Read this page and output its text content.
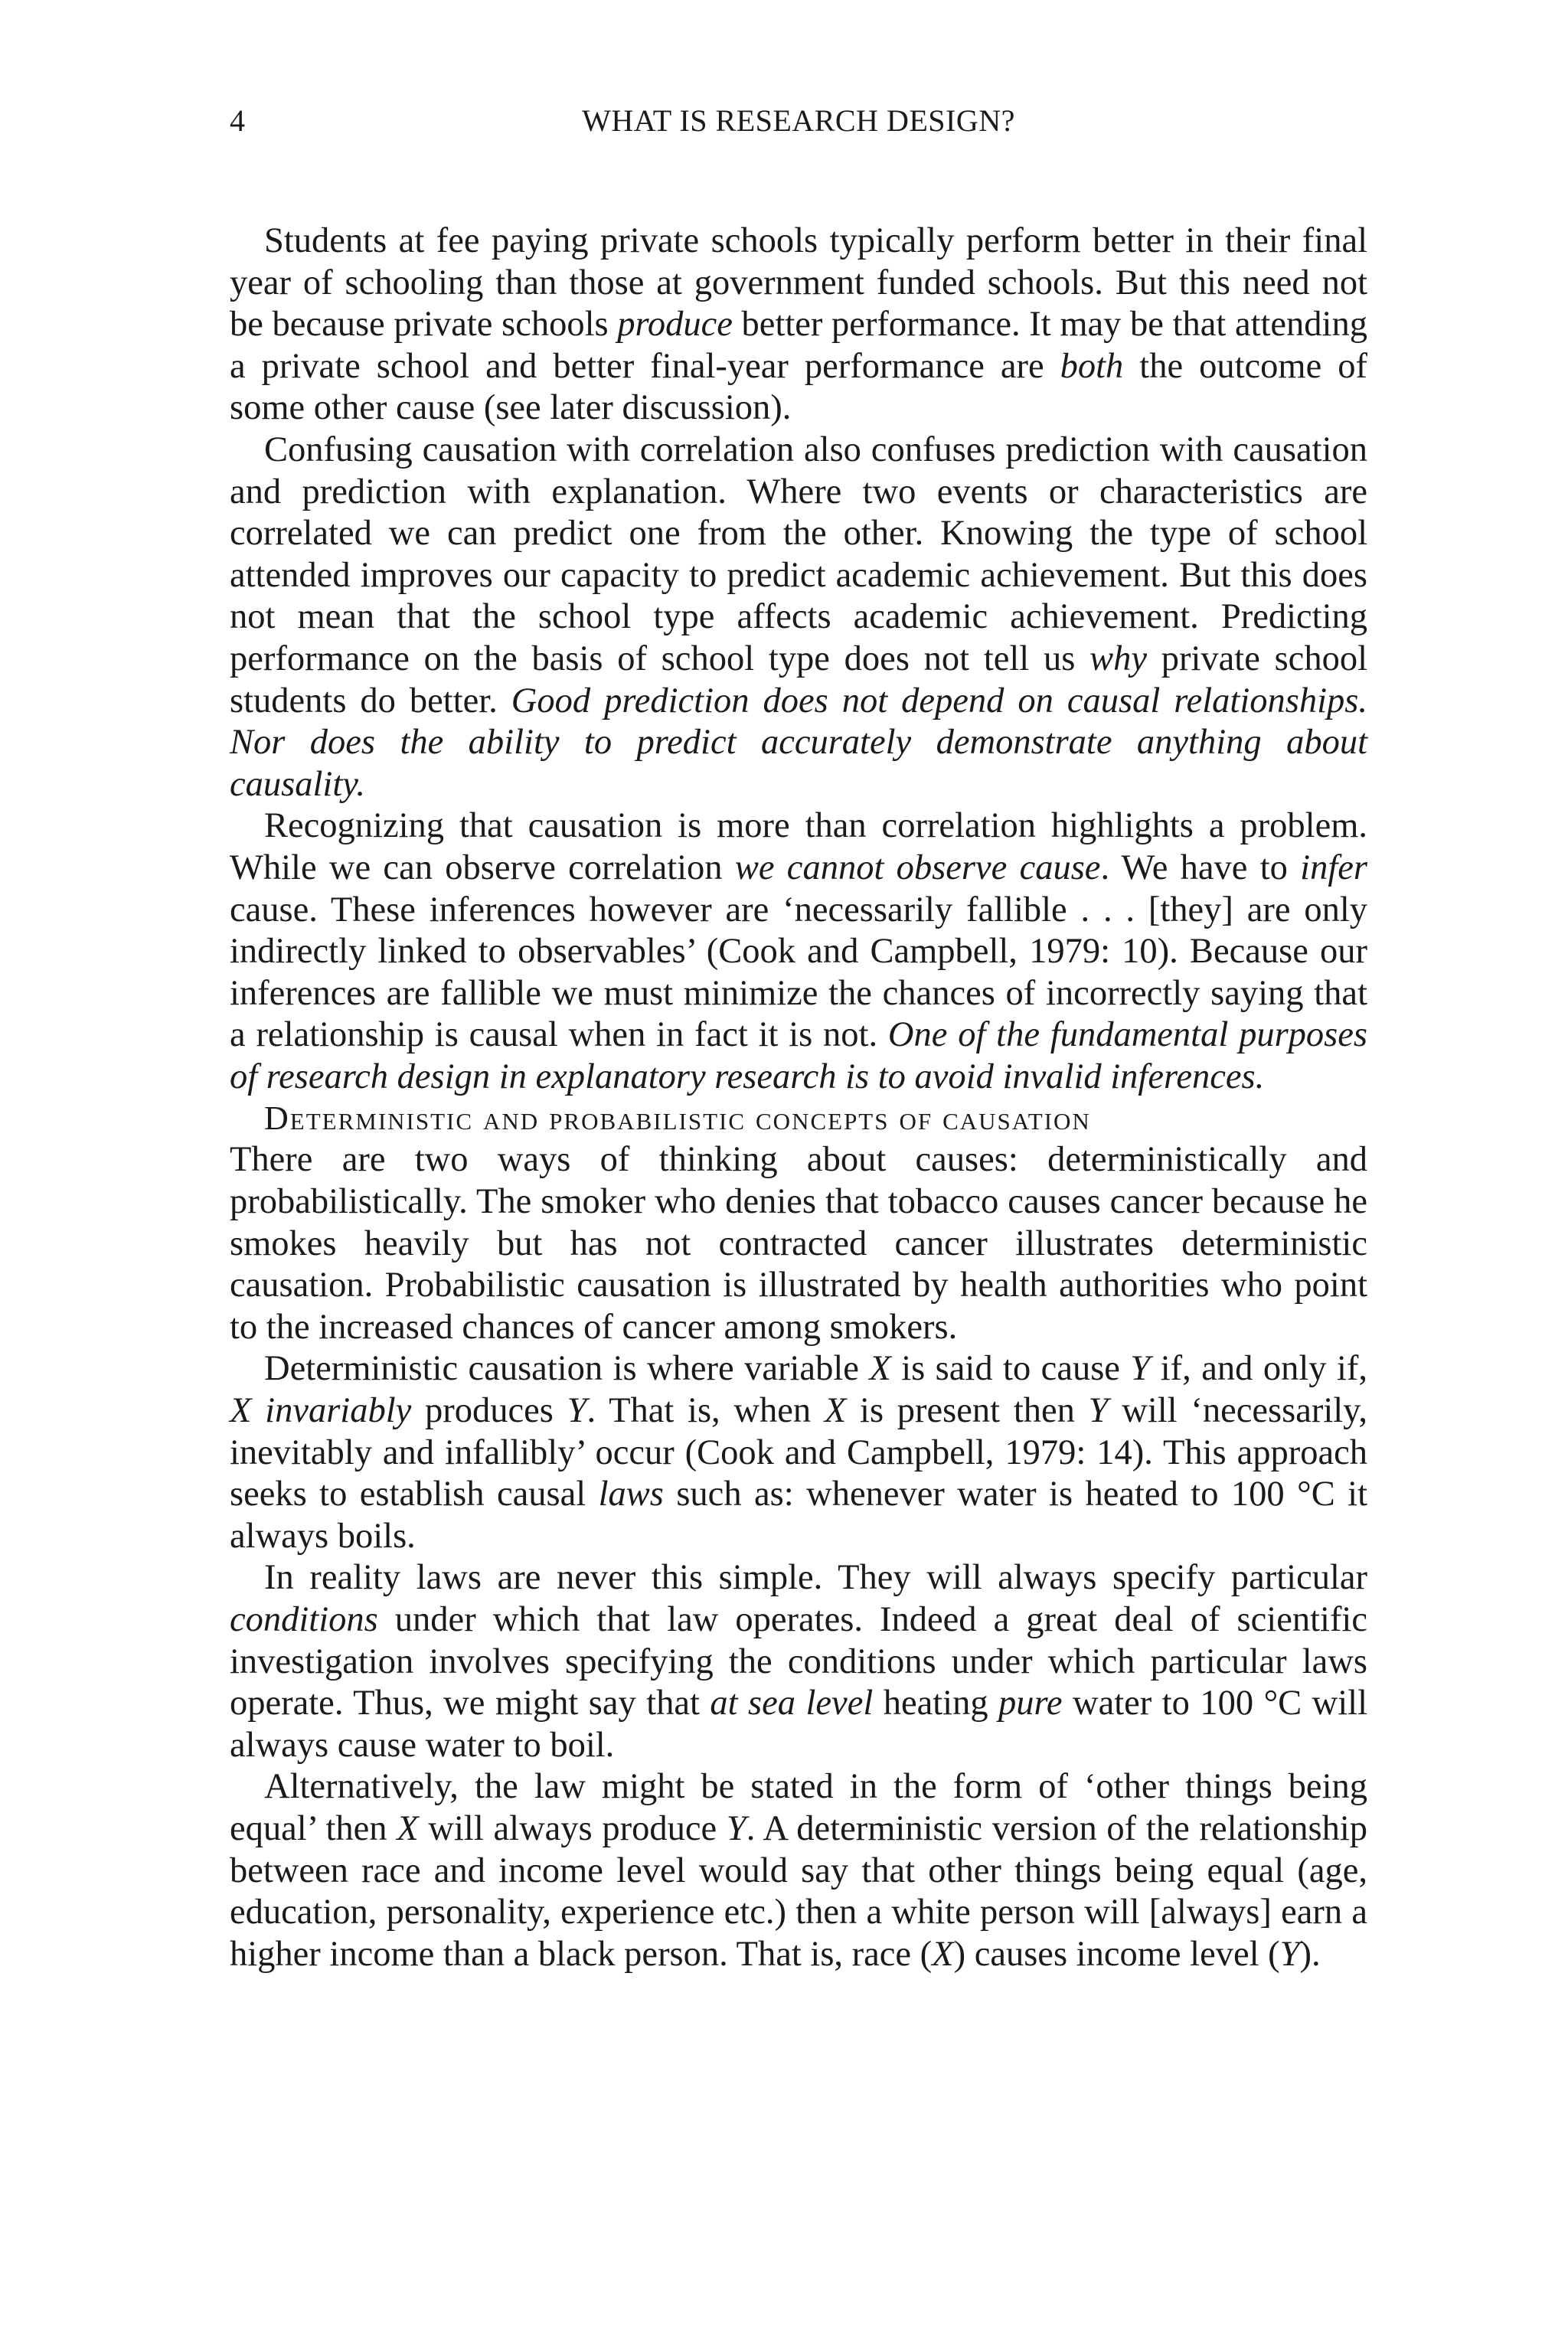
4	WHAT IS RESEARCH DESIGN?

Students at fee paying private schools typically perform better in their final year of schooling than those at government funded schools. But this need not be because private schools produce better performance. It may be that attending a private school and better final-year performance are both the outcome of some other cause (see later discussion).

Confusing causation with correlation also confuses prediction with causation and prediction with explanation. Where two events or characteristics are correlated we can predict one from the other. Knowing the type of school attended improves our capacity to predict academic achievement. But this does not mean that the school type affects academic achievement. Predicting performance on the basis of school type does not tell us why private school students do better. Good prediction does not depend on causal relationships. Nor does the ability to predict accurately demonstrate anything about causality.

Recognizing that causation is more than correlation highlights a problem. While we can observe correlation we cannot observe cause. We have to infer cause. These inferences however are ‘necessarily fallible . . . [they] are only indirectly linked to observables’ (Cook and Campbell, 1979: 10). Because our inferences are fallible we must minimize the chances of incorrectly saying that a relationship is causal when in fact it is not. One of the fundamental purposes of research design in explanatory research is to avoid invalid inferences.

Deterministic and probabilistic concepts of causation

There are two ways of thinking about causes: deterministically and probabilistically. The smoker who denies that tobacco causes cancer because he smokes heavily but has not contracted cancer illustrates deterministic causation. Probabilistic causation is illustrated by health authorities who point to the increased chances of cancer among smokers.

Deterministic causation is where variable X is said to cause Y if, and only if, X invariably produces Y. That is, when X is present then Y will ‘necessarily, inevitably and infallibly’ occur (Cook and Campbell, 1979: 14). This approach seeks to establish causal laws such as: whenever water is heated to 100 °C it always boils.

In reality laws are never this simple. They will always specify particular conditions under which that law operates. Indeed a great deal of scientific investigation involves specifying the conditions under which particular laws operate. Thus, we might say that at sea level heating pure water to 100 °C will always cause water to boil.

Alternatively, the law might be stated in the form of ‘other things being equal’ then X will always produce Y. A deterministic version of the relationship between race and income level would say that other things being equal (age, education, personality, experience etc.) then a white person will [always] earn a higher income than a black person. That is, race (X) causes income level (Y).
